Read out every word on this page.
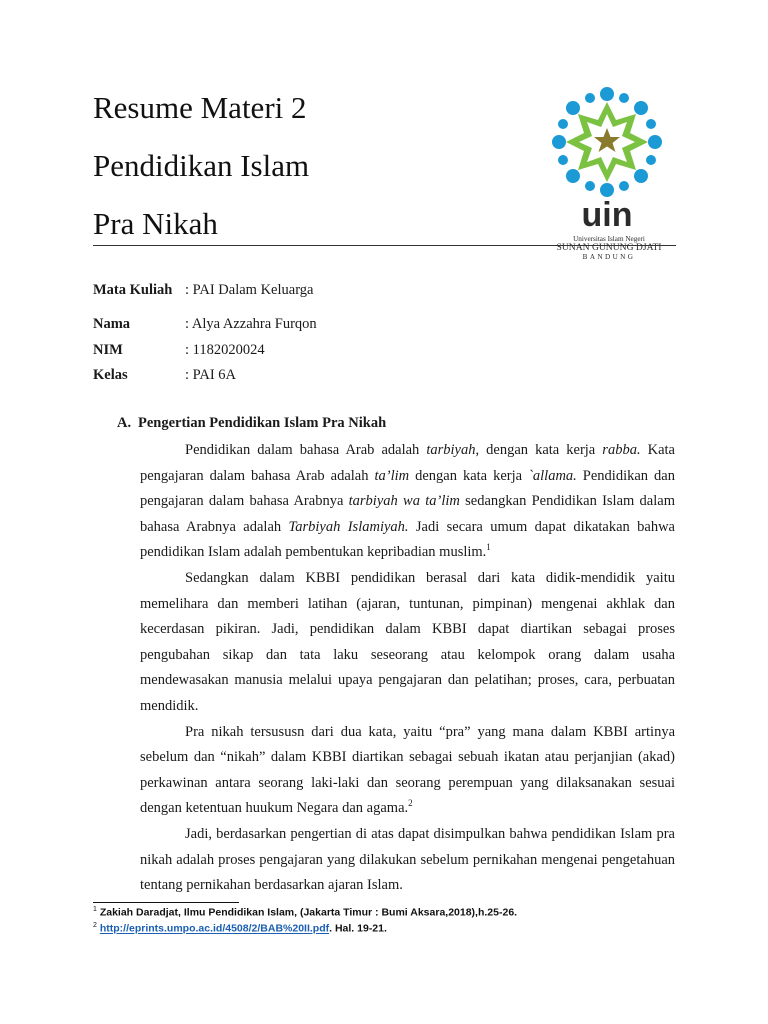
Resume Materi 2
Pendidikan Islam
Pra Nikah	uin
Universitas Islam Negeri
SUNAN GUNUNG DJATI
BANDUNG
Mata Kuliah : PAI Dalam Keluarga
Nama	: Alya Azzahra Furqon
NIM	: 1182020024
Kelas	: PAI 6A
A. Pengertian Pendidikan Islam Pra Nikah

Pendidikan dalam bahasa Arab adalah tarbiyah, dengan kata kerja rabba. Kata pengajaran dalam bahasa Arab adalah ta’lim dengan kata kerja `allama. Pendidikan dan pengajaran dalam bahasa Arabnya tarbiyah wa ta’lim sedangkan Pendidikan Islam dalam bahasa Arabnya adalah Tarbiyah Islamiyah. Jadi secara umum dapat dikatakan bahwa pendidikan Islam adalah pembentukan kepribadian muslim.$^1$

Sedangkan dalam KBBI pendidikan berasal dari kata didik-mendidik yaitu memelihara dan memberi latihan (ajaran, tuntunan, pimpinan) mengenai akhlak dan kecerdasan pikiran. Jadi, pendidikan dalam KBBI dapat diartikan sebagai proses pengubahan sikap dan tata laku seseorang atau kelompok orang dalam usaha mendewasakan manusia melalui upaya pengajaran dan pelatihan; proses, cara, perbuatan mendidik.

Pra nikah tersususn dari dua kata, yaitu “pra” yang mana dalam KBBI artinya sebelum dan “nikah” dalam KBBI diartikan sebagai sebuah ikatan atau perjanjian (akad) perkawinan antara seorang laki-laki dan seorang perempuan yang dilaksanakan sesuai dengan ketentuan huukum Negara dan agama.$^2$

Jadi, berdasarkan pengertian di atas dapat disimpulkan bahwa pendidikan Islam pra nikah adalah proses pengajaran yang dilakukan sebelum pernikahan mengenai pengetahuan tentang pernikahan berdasarkan ajaran Islam.

$^1$ Zakiah Daradjat, Ilmu Pendidikan Islam, (Jakarta Timur : Bumi Aksara,2018),h.25-26.
$^2$ http://eprints.umpo.ac.id/4508/2/BAB%20II.pdf. Hal. 19-21.
